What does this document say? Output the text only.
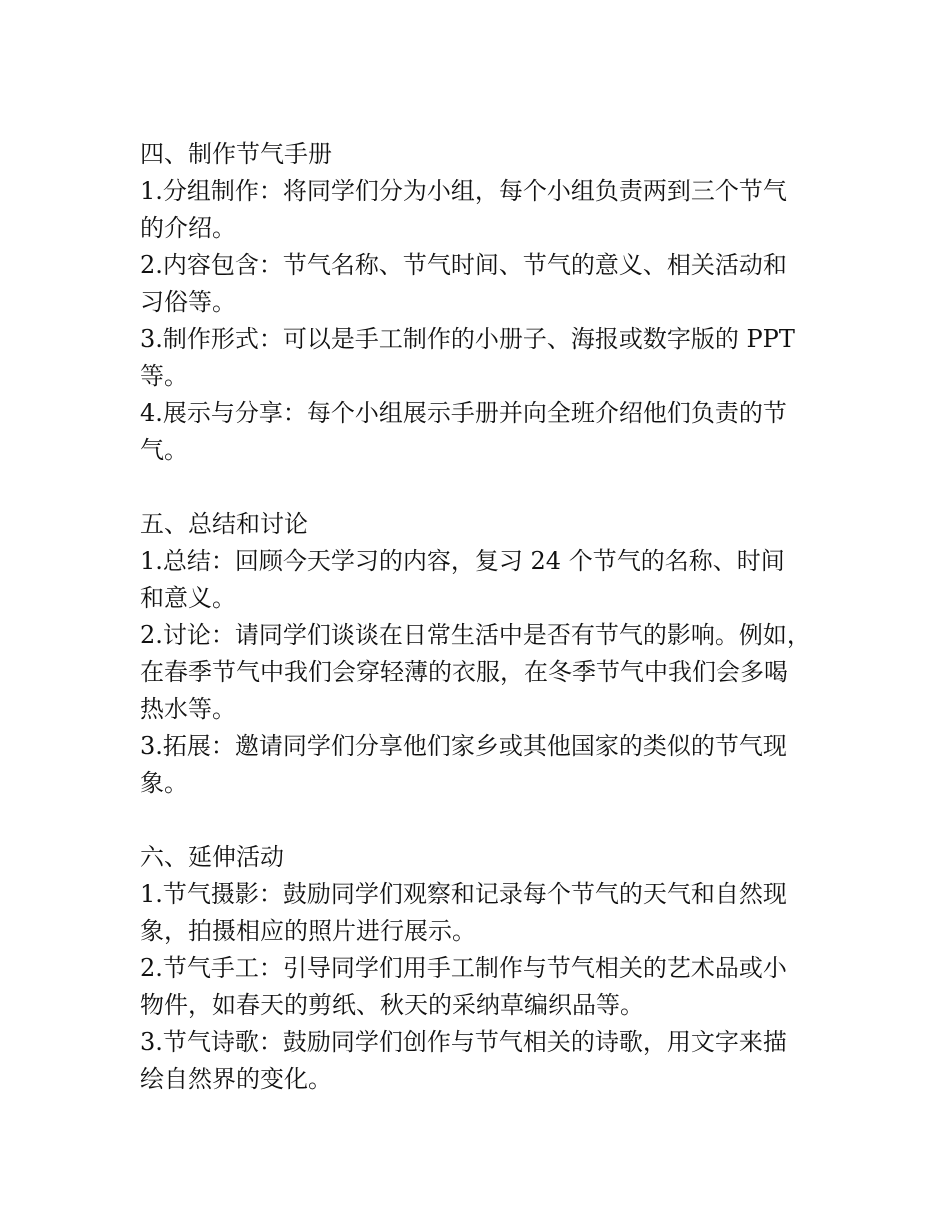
四、制作节气手册

1.分组制作：将同学们分为小组，每个小组负责两到三个节气

的介绍。

2.内容包含：节气名称、节气时间、节气的意义、相关活动和

习俗等。

3.制作形式：可以是手工制作的小册子、海报或数字版的 PPT

等。

4.展示与分享：每个小组展示手册并向全班介绍他们负责的节

气。

五、总结和讨论

1.总结：回顾今天学习的内容，复习 24 个节气的名称、时间

和意义。

2.讨论：请同学们谈谈在日常生活中是否有节气的影响。例如，

在春季节气中我们会穿轻薄的衣服，在冬季节气中我们会多喝

热水等。

3.拓展：邀请同学们分享他们家乡或其他国家的类似的节气现

象。

六、延伸活动

1.节气摄影：鼓励同学们观察和记录每个节气的天气和自然现

象，拍摄相应的照片进行展示。

2.节气手工：引导同学们用手工制作与节气相关的艺术品或小

物件，如春天的剪纸、秋天的采纳草编织品等。

3.节气诗歌：鼓励同学们创作与节气相关的诗歌，用文字来描

绘自然界的变化。
